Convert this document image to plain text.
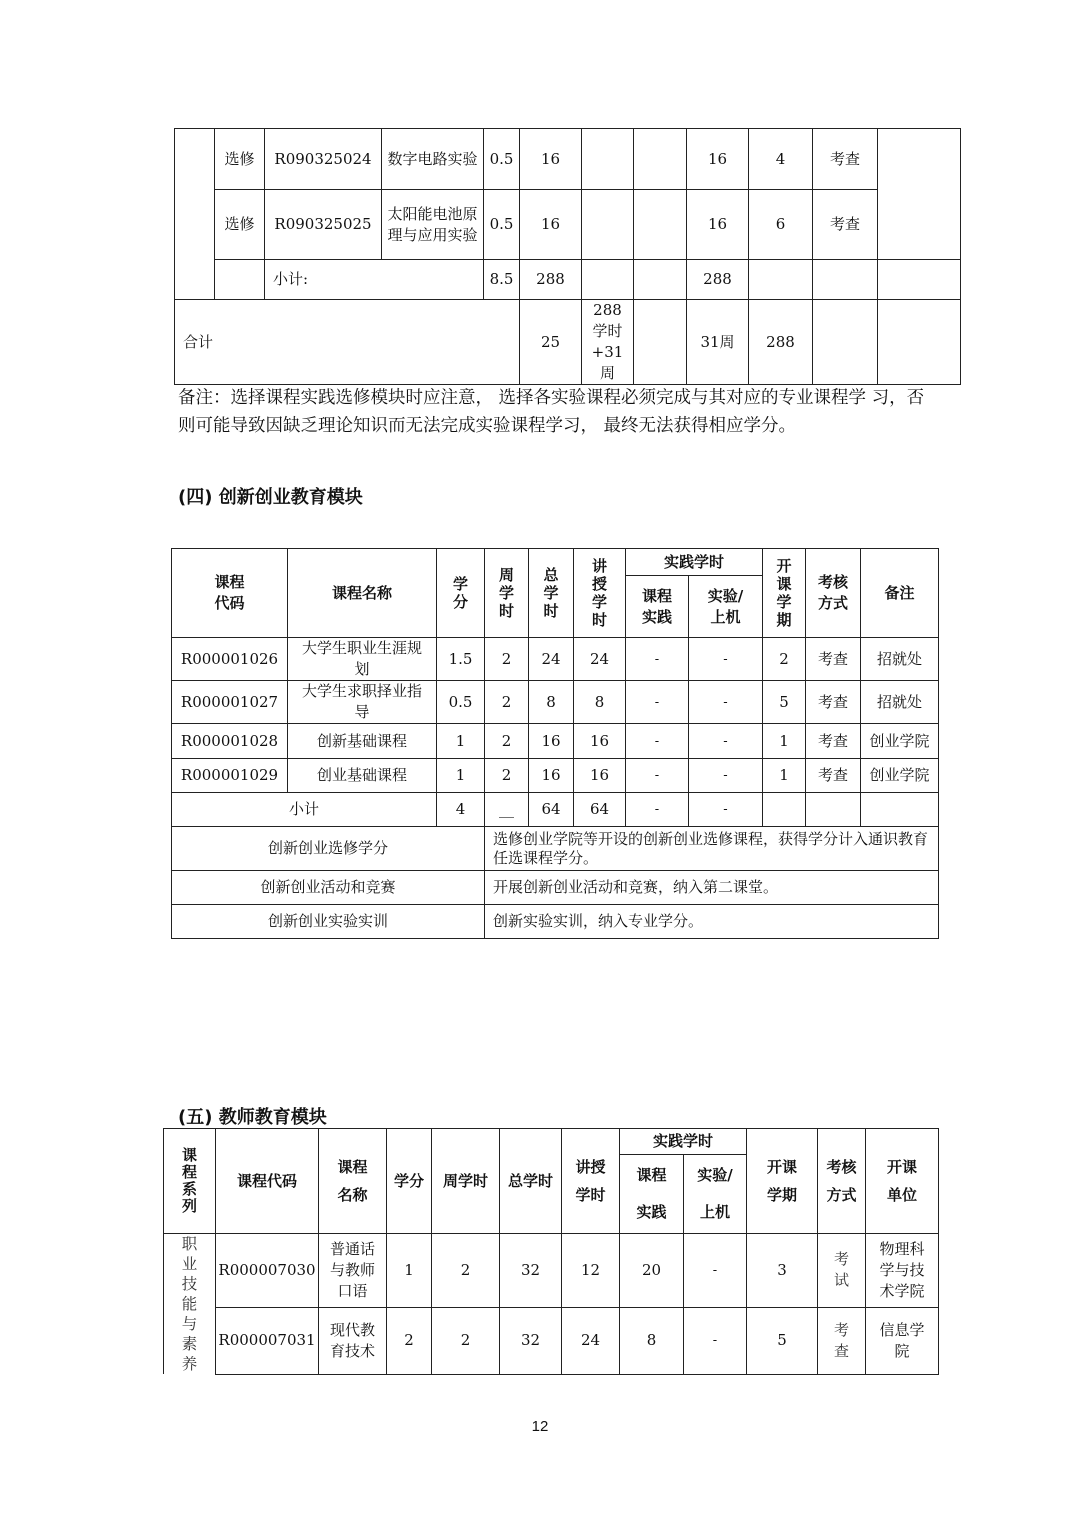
	选修	R090325024	数字电路实验	0.5	16			16	4	考查	
	选修	R090325025	太阳能电池原理与应用实验	0.5	16			16	6	考查	
		小计:		8.5	288			288			
合计					25	288 学时+31 周		31周	288		
备注：选择课程实践选修模块时应注意， 选择各实验课程必须完成与其对应的专业课程学 习，否则可能导致因缺乏理论知识而无法完成实验课程学习， 最终无法获得相应学分。
(四) 创新创业教育模块
课程代码	课程名称	学分	周学时	总学时	讲授学时	实践学时		开课学期	考核方式	备注
						课程实践	实验/上机			
R000001026	大学生职业生涯规划	1.5	2	24	24	-	-	2	考查	招就处
R000001027	大学生求职择业指导	0.5	2	8	8	-	-	5	考查	招就处
R000001028	创新基础课程	1	2	16	16	-	-	1	考查	创业学院
R000001029	创业基础课程	1	2	16	16	-	-	1	考查	创业学院
小计		4	__	64	64	-	-			
创新创业选修学分			选修创业学院等开设的创新创业选修课程，获得学分计入通识教育任选课程学分。							
创新创业活动和竞赛			开展创新创业活动和竞赛，纳入第二课堂。							
创新创业实验实训			创新实验实训，纳入专业学分。							
(五) 教师教育模块
课程系列	课程代码	课程名称	学分	周学时	总学时	讲授学时	实践学时		开课学期	考核方式	开课单位
							课程实践	实验/上机			
职业技能与素养	R000007030	普通话与教师口语	1	2	32	12	20	-	3	考试	物理科学与技术学院
	R000007031	现代教育技术	2	2	32	24	8	-	5	考查	信息学院
12
